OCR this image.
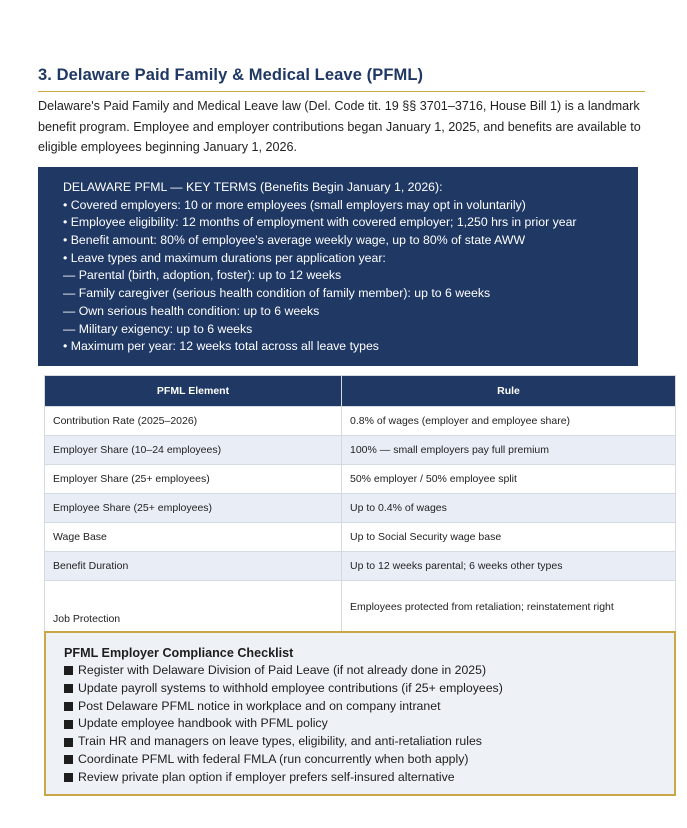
3. Delaware Paid Family & Medical Leave (PFML)
Delaware's Paid Family and Medical Leave law (Del. Code tit. 19 §§ 3701–3716, House Bill 1) is a landmark benefit program. Employee and employer contributions began January 1, 2025, and benefits are available to eligible employees beginning January 1, 2026.
DELAWARE PFML — KEY TERMS (Benefits Begin January 1, 2026):
• Covered employers: 10 or more employees (small employers may opt in voluntarily)
• Employee eligibility: 12 months of employment with covered employer; 1,250 hrs in prior year
• Benefit amount: 80% of employee's average weekly wage, up to 80% of state AWW
• Leave types and maximum durations per application year:
— Parental (birth, adoption, foster): up to 12 weeks
— Family caregiver (serious health condition of family member): up to 6 weeks
— Own serious health condition: up to 6 weeks
— Military exigency: up to 6 weeks
• Maximum per year: 12 weeks total across all leave types
PFML Element	Rule
Contribution Rate (2025–2026)	0.8% of wages (employer and employee share)
Employer Share (10–24 employees)	100% — small employers pay full premium
Employer Share (25+ employees)	50% employer / 50% employee split
Employee Share (25+ employees)	Up to 0.4% of wages
Wage Base	Up to Social Security wage base
Benefit Duration	Up to 12 weeks parental; 6 weeks other types
Job Protection	Employees protected from retaliation; reinstatement right
PFML Employer Compliance Checklist
Register with Delaware Division of Paid Leave (if not already done in 2025)
Update payroll systems to withhold employee contributions (if 25+ employees)
Post Delaware PFML notice in workplace and on company intranet
Update employee handbook with PFML policy
Train HR and managers on leave types, eligibility, and anti-retaliation rules
Coordinate PFML with federal FMLA (run concurrently when both apply)
Review private plan option if employer prefers self-insured alternative
